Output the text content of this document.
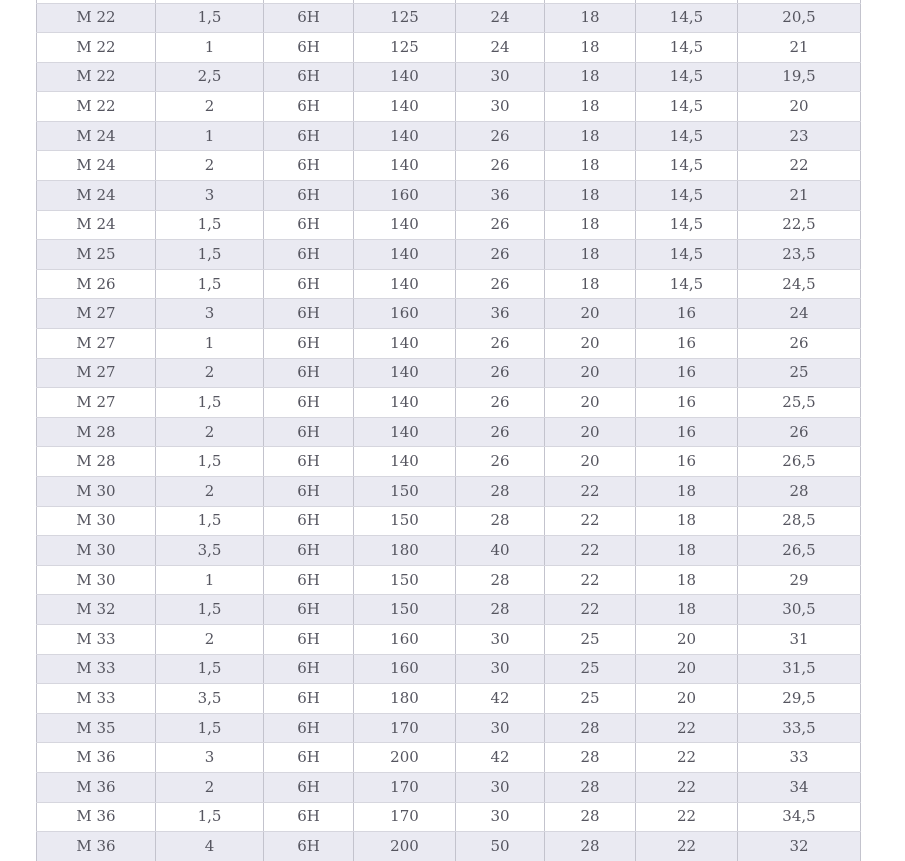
M 22	1,5	6H	125	24	18	14,5	20,5
M 22	1	6H	125	24	18	14,5	21
M 22	2,5	6H	140	30	18	14,5	19,5
M 22	2	6H	140	30	18	14,5	20
M 24	1	6H	140	26	18	14,5	23
M 24	2	6H	140	26	18	14,5	22
M 24	3	6H	160	36	18	14,5	21
M 24	1,5	6H	140	26	18	14,5	22,5
M 25	1,5	6H	140	26	18	14,5	23,5
M 26	1,5	6H	140	26	18	14,5	24,5
M 27	3	6H	160	36	20	16	24
M 27	1	6H	140	26	20	16	26
M 27	2	6H	140	26	20	16	25
M 27	1,5	6H	140	26	20	16	25,5
M 28	2	6H	140	26	20	16	26
M 28	1,5	6H	140	26	20	16	26,5
M 30	2	6H	150	28	22	18	28
M 30	1,5	6H	150	28	22	18	28,5
M 30	3,5	6H	180	40	22	18	26,5
M 30	1	6H	150	28	22	18	29
M 32	1,5	6H	150	28	22	18	30,5
M 33	2	6H	160	30	25	20	31
M 33	1,5	6H	160	30	25	20	31,5
M 33	3,5	6H	180	42	25	20	29,5
M 35	1,5	6H	170	30	28	22	33,5
M 36	3	6H	200	42	28	22	33
M 36	2	6H	170	30	28	22	34
M 36	1,5	6H	170	30	28	22	34,5
M 36	4	6H	200	50	28	22	32
